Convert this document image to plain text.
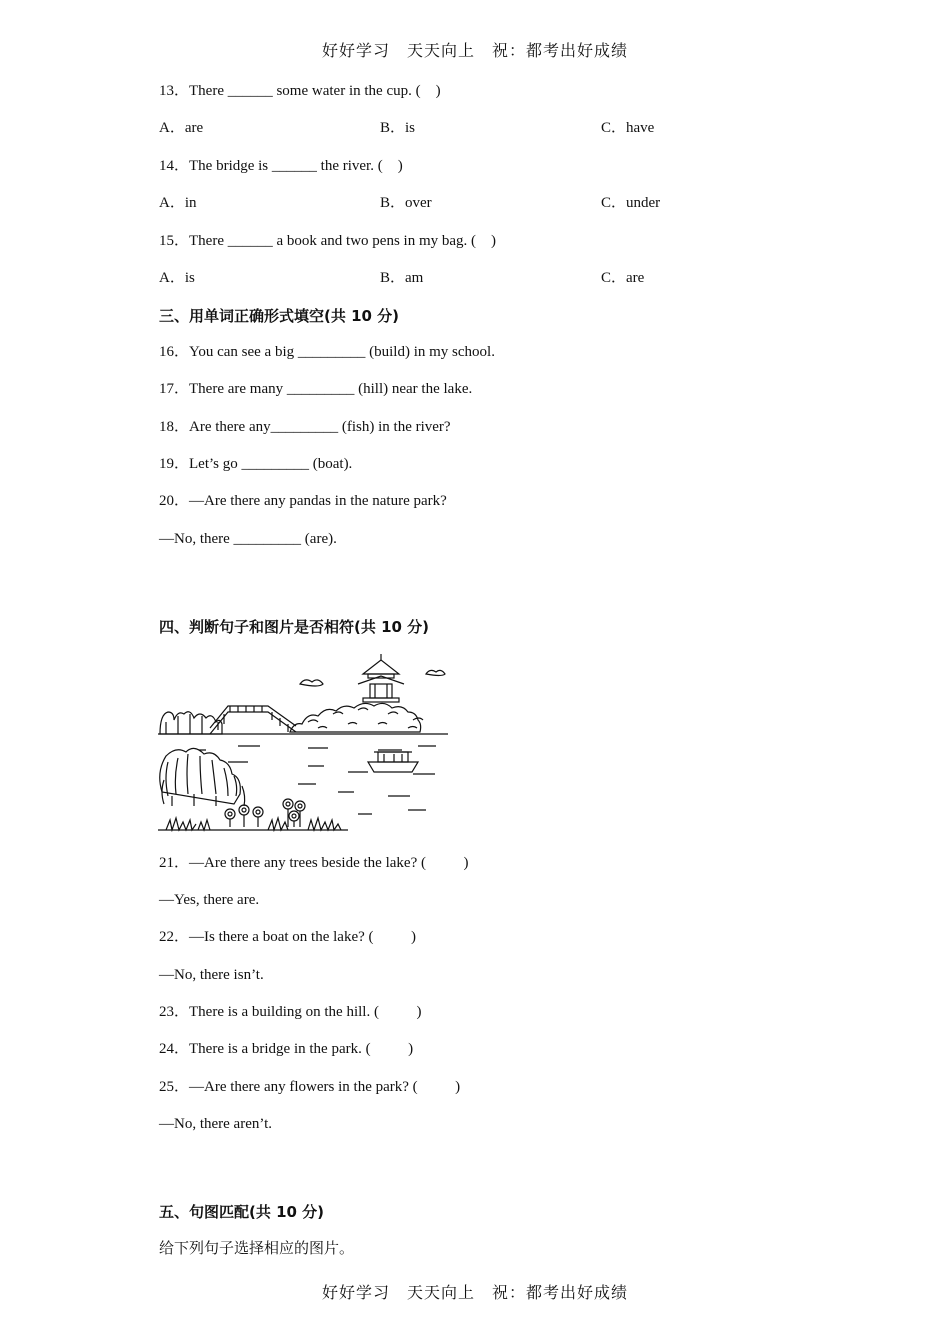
好好学习　天天向上　祝：都考出好成绩
13．There ______ some water in the cup. (    )
A．are	B．is	C．have
14．The bridge is ______ the river. (    )
A．in	B．over	C．under
15．There ______ a book and two pens in my bag. (    )
A．is	B．am	C．are
三、用单词正确形式填空(共 10 分)
16．You can see a big _________ (build) in my school.
17．There are many _________ (hill) near the lake.
18．Are there any_________ (fish) in the river?
19．Let’s go _________ (boat).
20．—Are there any pandas in the nature park?
—No, there _________ (are).
四、判断句子和图片是否相符(共 10 分)
21．—Are there any trees beside the lake? (          )
—Yes, there are.
22．—Is there a boat on the lake? (          )
—No, there isn’t.
23．There is a building on the hill. (          )
24．There is a bridge in the park. (          )
25．—Are there any flowers in the park? (          )
—No, there aren’t.
五、句图匹配(共 10 分)
给下列句子选择相应的图片。
好好学习　天天向上　祝：都考出好成绩
